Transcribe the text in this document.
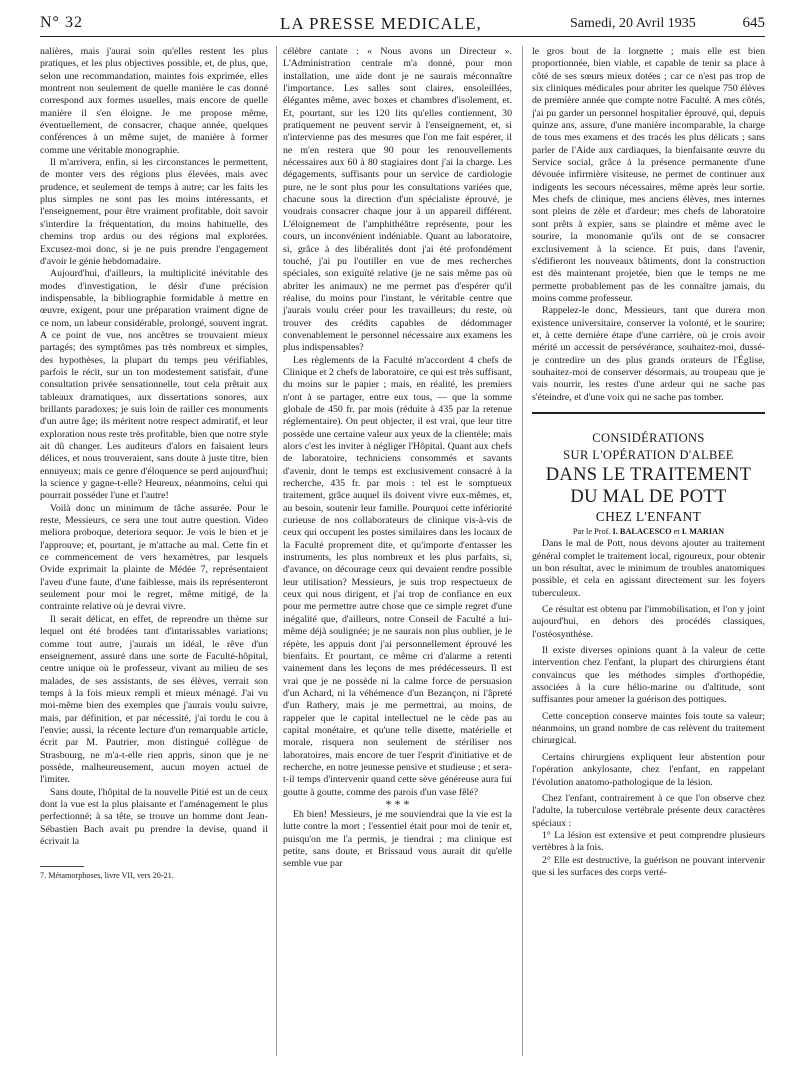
N° 32	LA PRESSE MEDICALE,	Samedi, 20 Avril 1935	645

nalières, mais j'aurai soin qu'elles restent les plus pratiques, et les plus objectives possible, et, de plus, que, selon une recommandation, maintes fois exprimée, elles montrent non seulement de quelle manière le cas donné correspond aux formes usuelles, mais encore de quelle manière il s'en éloigne. Je me propose même, éventuellement, de consacrer, chaque année, quelques conférences à un même sujet, de manière à former comme une véritable monographie.

Il m'arrivera, enfin, si les circonstances le permettent, de monter vers des régions plus élevées, mais avec prudence, et seulement de temps à autre; car les faits les plus simples ne sont pas les moins intéressants, et l'enseignement, pour être vraiment profitable, doit savoir s'interdire la fréquentation, du moins habituelle, des chemins trop ardus ou des régions mal explorées. Excusez-moi donc, si je ne puis prendre l'engagement d'avoir le génie hebdomadaire.

Aujourd'hui, d'ailleurs, la multiplicité inévitable des modes d'investigation, le désir d'une précision indispensable, la bibliographie formidable à mettre en œuvre, exigent, pour une préparation vraiment digne de ce nom, un labeur considérable, prolongé, souvent ingrat. A ce point de vue, nos ancêtres se trouvaient mieux partagés; des symptômes pas très nombreux et simples, des hypothèses, la plupart du temps peu vérifiables, parfois le récit, sur un ton modestement satisfait, d'une consultation privée sensationnelle, tout cela prêtait aux tableaux dramatiques, aux dissertations sonores, aux brillants paradoxes; je suis loin de railler ces monuments d'un autre âge; ils méritent notre respect admiratif, et leur exploration nous reste très profitable, bien que notre style ait dû changer. Les auditeurs d'alors en faisaient leurs délices, et nous trouveraient, sans doute à juste titre, bien ennuyeux; mais ce genre d'éloquence se perd aujourd'hui; la science y gagne-t-elle? Heureux, néanmoins, celui qui pourrait posséder l'une et l'autre!

Voilà donc un minimum de tâche assurée. Pour le reste, Messieurs, ce sera une tout autre question. Video meliora proboque, deteriora sequor. Je vois le bien et je l'approuve; et, pourtant, je m'attache au mal. Cette fin et ce commencement de vers hexamètres, par lesquels Ovide exprimait la plainte de Médée 7, représentaient l'aveu d'une faute, d'une faiblesse, mais ils représenteront seulement pour moi le regret, même mitigé, de la contrainte relative où je devrai vivre.

Il serait délicat, en effet, de reprendre un thème sur lequel ont été brodées tant d'intarissables variations; comme tout autre, j'aurais un idéal, le rêve d'un enseignement, assuré dans une sorte de Faculté-hôpital, centre unique où le professeur, vivant au milieu de ses malades, de ses assistants, de ses élèves, verrait son temps à la fois mieux rempli et mieux ménagé. J'ai vu moi-même bien des exemples que j'aurais voulu suivre, mais, par définition, et par nécessité, j'ai tordu le cou à l'envie; aussi, la récente lecture d'un remarquable article, écrit par M. Pautrier, mon distingué collègue de Strasbourg, ne m'a-t-elle rien appris, sinon que je ne possède, malheureusement, aucun moyen actuel de l'imiter.

Sans doute, l'hôpital de la nouvelle Pitié est un de ceux dont la vue est la plus plaisante et l'aménagement le plus perfectionné; à sa tête, se trouve un homme dont Jean-Sébastien Bach avait pu prendre la devise, quand il écrivait la

7. Métamorphoses, livre VII, vers 20-21.

célèbre cantate : « Nous avons un Directeur ». L'Administration centrale m'a donné, pour mon installation, une aide dont je ne saurais méconnaître l'importance. Les salles sont claires, ensoleillées, élégantes même, avec boxes et chambres d'isolement, et. Et, pourtant, sur les 120 lits qu'elles contiennent, 30 pratiquement ne peuvent servir à l'enseignement, et, si n'intervienne pas des mesures que l'on me fait espérer, il ne m'en restera que 90 pour les renouvellements nécessaires aux 60 à 80 stagiaires dont j'ai la charge. Les dégagements, suffisants pour un service de cardiologie pure, ne le sont plus pour les consultations variées que, chacune sous la direction d'un spécialiste éprouvé, je voudrais consacrer chaque jour à un appareil différent. L'éloignement de l'amphithéâtre représente, pour les cours, un inconvénient indéniable. Quant au laboratoire, si, grâce à des libéralités dont j'ai été profondément touché, j'ai pu l'outiller en vue de mes recherches spéciales, son exiguïté relative (je ne sais même pas où abriter les animaux) ne me permet pas d'espérer qu'il réalise, du moins pour l'instant, le véritable centre que j'aurais voulu créer pour les travailleurs; du reste, où trouver des crédits capables de dédommager convenablement le personnel nécessaire aux examens les plus indispensables?

Les règlements de la Faculté m'accordent 4 chefs de Clinique et 2 chefs de laboratoire, ce qui est très suffisant, du moins sur le papier ; mais, en réalité, les premiers n'ont à se partager, entre eux tous, — que la somme globale de 450 fr. par mois (réduite à 435 par la retenue réglementaire). On peut objecter, il est vrai, que leur titre possède une certaine valeur aux yeux de la clientèle; mais alors c'est les inviter à négliger l'Hôpital. Quant aux chefs de laboratoire, techniciens consommés et savants d'avenir, dont le temps est exclusivement consacré à la recherche, 435 fr. par mois : tel est le somptueux traitement, grâce auquel ils doivent vivre eux-mêmes, et, au besoin, soutenir leur famille. Pourquoi cette infériorité curieuse de nos collaborateurs de clinique vis-à-vis de ceux qui occupent les postes similaires dans les locaux de la Faculté proprement dite, et qu'importe d'entasser les instruments, les plus nombreux et les plus parfaits, si, d'avance, on décourage ceux qui devaient rendre possible leur utilisation? Messieurs, je suis trop respectueux de ceux qui nous dirigent, et j'ai trop de confiance en eux pour me permettre autre chose que ce simple regret d'une inégalité que, d'ailleurs, notre Conseil de Faculté a lui-même déjà soulignée; je ne saurais non plus oublier, je le répète, les appuis dont j'ai personnellement éprouvé les bienfaits. Et pourtant, ce même cri d'alarme a retenti vainement dans les leçons de mes prédécesseurs. Il est vrai que je ne possède ni la calme force de persuasion d'un Achard, ni la véhémence d'un Bezançon, ni l'âpreté d'un Rathery, mais je me permettrai, au moins, de rappeler que le capital intellectuel ne le cède pas au capital monétaire, et qu'une telle disette, matérielle et morale, risquera non seulement de stériliser nos laboratoires, mais encore de tuer l'esprit d'initiative et de recherche, en notre jeunesse pensive et studieuse ; et sera-t-il temps d'intervenir quand cette sève généreuse aura fui goutte à goutte, comme des parois d'un vase fêlé?

* * *

Eh bien! Messieurs, je me souviendrai que la vie est la lutte contre la mort ; l'essentiel était pour moi de tenir et, puisqu'on me l'a permis, je tiendrai ; ma clinique est petite, sans doute, et Brissaud vous aurait dit qu'elle semble vue par

le gros bout de la lorgnette ; mais elle est bien proportionnée, bien viable, et capable de tenir sa place à côté de ses sœurs mieux dotées ; car ce n'est pas trop de six cliniques médicales pour abriter les quelque 750 élèves de première année que compte notre Faculté. A mes côtés, j'ai pu garder un personnel hospitalier éprouvé, qui, depuis quinze ans, assure, d'une manière incomparable, la charge de tous mes examens et des tracés les plus délicats ; sans parler de l'Aide aux cardiaques, la bienfaisante œuvre du Service social, grâce à la présence permanente d'une dévouée infirmière visiteuse, ne permet de continuer aux indigents les secours nécessaires, même après leur sortie. Mes chefs de clinique, mes anciens élèves, mes internes sont pleins de zèle et d'ardeur; mes chefs de laboratoire sont prêts à expier, sans se plaindre et même avec le sourire, la monomanie qu'ils ont de se consacrer exclusivement à la science. Et puis, dans l'avenir, s'édifieront les nouveaux bâtiments, dont la construction est dès maintenant projetée, bien que le temps ne me permette probablement pas de les connaître jamais, du moins comme professeur.

Rappelez-le donc, Messieurs, tant que durera mon existence universitaire, conserver la volonté, et le sourire; et, à cette dernière étape d'une carrière, où je crois avoir mérité un accessit de persévérance, souhaitez-moi, dussé-je contredire un des plus grands orateurs de l'Église, souhaitez-moi de conserver désormais, au troupeau que je vais nourrir, les restes d'une ardeur qui ne sache pas s'éteindre, et d'une voix qui ne sache pas tomber.

CONSIDÉRATIONS

SUR L'OPÉRATION D'ALBEE

DANS LE TRAITEMENT

DU MAL DE POTT

CHEZ L'ENFANT

Par le Prof. I. BALACESCO et I. MARIAN

Dans le mal de Pott, nous devons ajouter au traitement général complet le traitement local, rigoureux, pour obtenir un bon résultat, avec le minimum de troubles anatomiques possible, et cela en agissant directement sur les foyers tuberculeux.

Ce résultat est obtenu par l'immobilisation, et l'on y joint aujourd'hui, en dehors des procédés classiques, l'ostéosynthèse.

Il existe diverses opinions quant à la valeur de cette intervention chez l'enfant, la plupart des chirurgiens étant convaincus que les méthodes simples d'orthopédie, associées à la cure hélio-marine ou d'altitude, sont suffisantes pour amener la guérison des pottiques.

Cette conception conserve maintes fois toute sa valeur; néanmoins, un grand nombre de cas relèvent du traitement chirurgical.

Certains chirurgiens expliquent leur abstention pour l'opération ankylosante, chez l'enfant, en rappelant l'évolution anatomo-pathologique de la lésion.

Chez l'enfant, contrairement à ce que l'on observe chez l'adulte, la tuberculose vertébrale présente deux caractères spéciaux :

1° La lésion est extensive et peut comprendre plusieurs vertèbres à la fois.

2° Elle est destructive, la guérison ne pouvant intervenir que si les surfaces des corps verté-
